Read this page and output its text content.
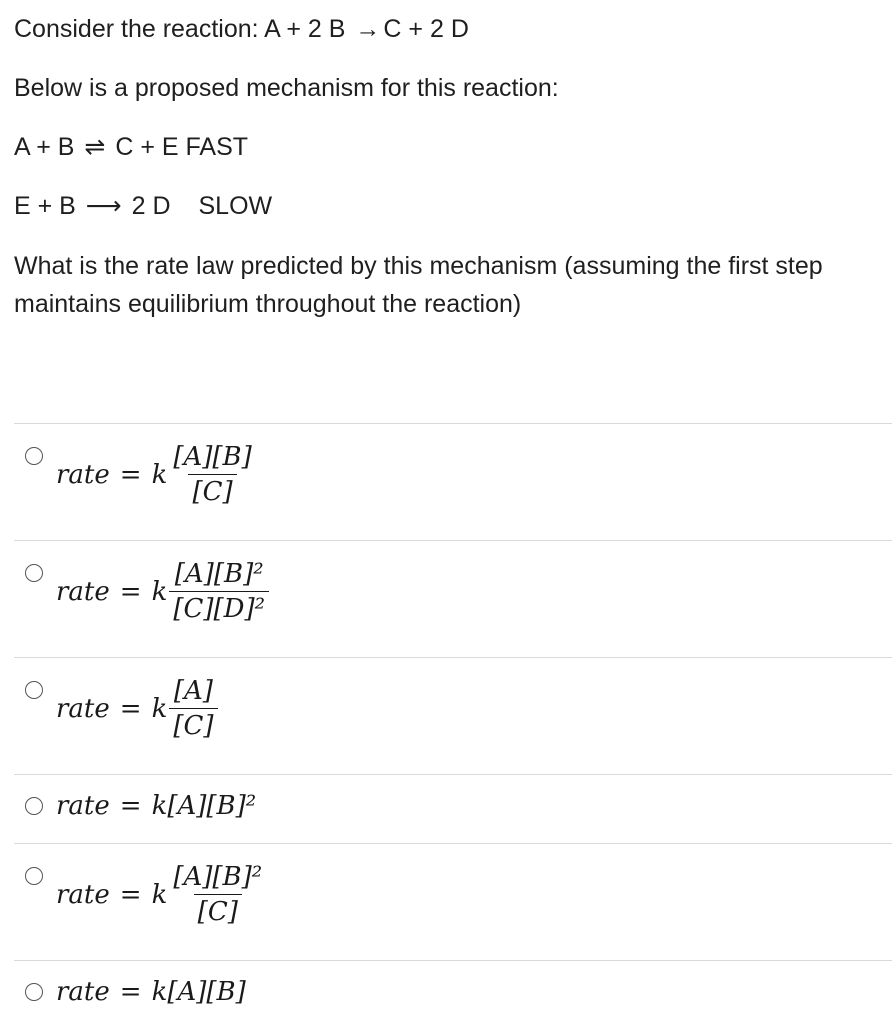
Consider the reaction: A + 2 B → C + 2 D
Below is a proposed mechanism for this reaction:
A + B ⇌ C + E FAST
E + B ⟶ 2 D SLOW
What is the rate law predicted by this mechanism (assuming the first step maintains equilibrium throughout the reaction)
rate = k $\frac{[A][B]}{[C]}$
rate = k $\frac{\text{[A][B]²}}{\text{[C][D]²}}$
rate = k $\frac{[A]}{[C]}$
rate = k[A][B]²
rate = k $\frac{\text{[A][B]²}}{[C]}$
rate = k[A][B]
